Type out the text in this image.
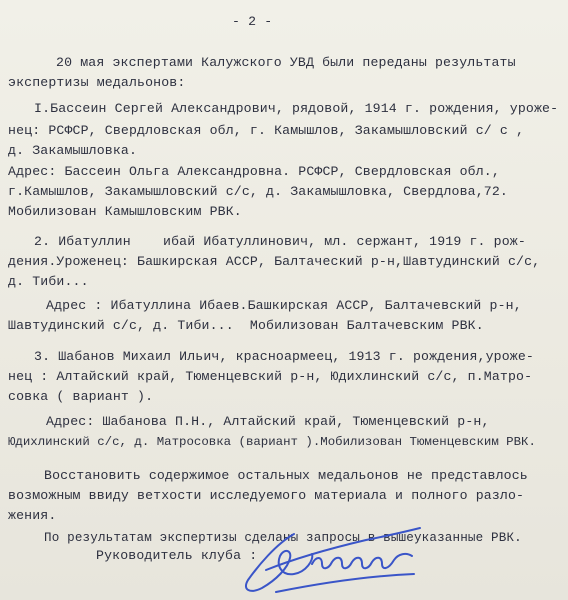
- 2 -
20 мая экспертами Калужского УВД были переданы результаты
экспертизы медальонов:
I.Бассеин Сергей Александрович, рядовой, 1914 г. рождения, уроже-
нец: РСФСР, Свердловская обл, г. Камышлов, Закамышловский с/ с ,
д. Закамышловка.
Адрес: Бассеин Ольга Александровна. РСФСР, Свердловская обл.,
г.Камышлов, Закамышловский с/с, д. Закамышловка, Свердлова,72.
Мобилизован Камышловским РВК.
2. Ибатуллин    ибай Ибатуллинович, мл. сержант, 1919 г. рож-
дения.Уроженец: Башкирская АССР, Балтаческий р-н,Шавтудинский с/с,
д. Тиби...
Адрес : Ибатуллина Ибаев.Башкирская АССР, Балтачевский р-н,
Шавтудинский с/с, д. Тиби...  Мобилизован Балтачевским РВК.
3. Шабанов Михаил Ильич, красноармеец, 1913 г. рождения,уроже-
нец : Алтайский край, Тюменцевский р-н, Юдихлинский с/с, п.Матро-
совка ( вариант ).
Адрес: Шабанова П.Н., Алтайский край, Тюменцевский р-н,
Юдихлинский с/с, д. Матросовка (вариант ).Мобилизован Тюменцевским РВК.
Восстановить содержимое остальных медальонов не представлось
возможным ввиду ветхости исследуемого материала и полного разло-
жения.
По результатам экспертизы сделаны запросы в вышеуказанные РВК.
Руководитель клуба :
